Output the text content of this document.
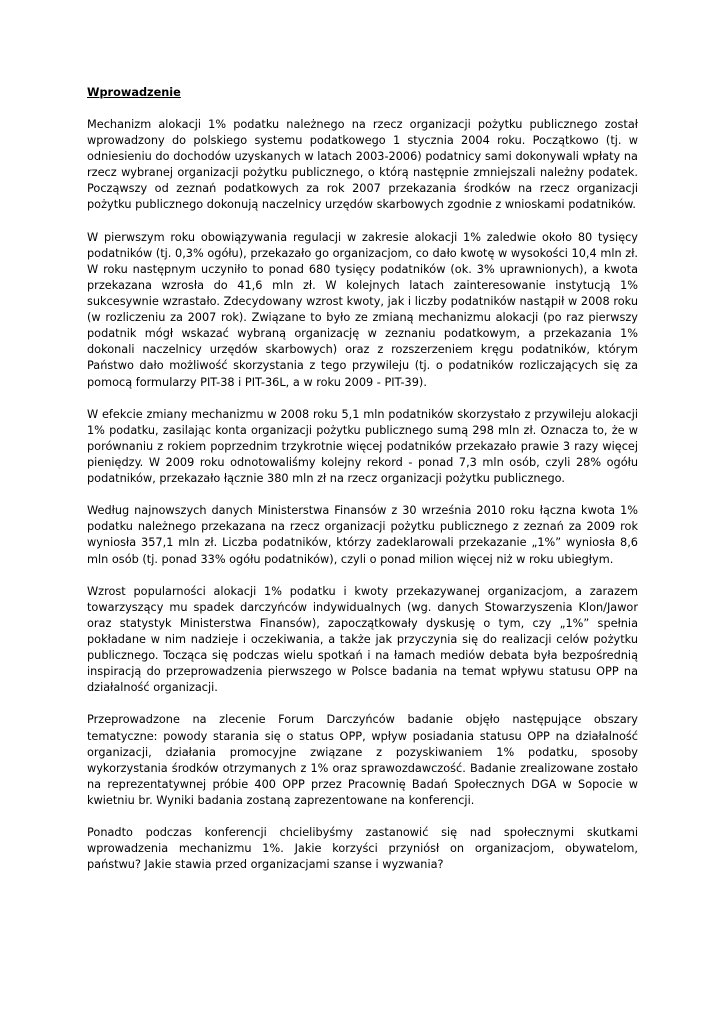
Wprowadzenie

Mechanizm alokacji 1% podatku należnego na rzecz organizacji pożytku publicznego został wprowadzony do polskiego systemu podatkowego 1 stycznia 2004 roku. Początkowo (tj. w odniesieniu do dochodów uzyskanych w latach 2003-2006) podatnicy sami dokonywali wpłaty na rzecz wybranej organizacji pożytku publicznego, o którą następnie zmniejszali należny podatek. Począwszy od zeznań podatkowych za rok 2007 przekazania środków na rzecz organizacji pożytku publicznego dokonują naczelnicy urzędów skarbowych zgodnie z wnioskami podatników.

W pierwszym roku obowiązywania regulacji w zakresie alokacji 1% zaledwie około 80 tysięcy podatników (tj. 0,3% ogółu), przekazało go organizacjom, co dało kwotę w wysokości 10,4 mln zł. W roku następnym uczyniło to ponad 680 tysięcy podatników (ok. 3% uprawnionych), a kwota przekazana wzrosła do 41,6 mln zł. W kolejnych latach zainteresowanie instytucją 1% sukcesywnie wzrastało. Zdecydowany wzrost kwoty, jak i liczby podatników nastąpił w 2008 roku (w rozliczeniu za 2007 rok). Związane to było ze zmianą mechanizmu alokacji (po raz pierwszy podatnik mógł wskazać wybraną organizację w zeznaniu podatkowym, a przekazania 1% dokonali naczelnicy urzędów skarbowych) oraz z rozszerzeniem kręgu podatników, którym Państwo dało możliwość skorzystania z tego przywileju (tj. o podatników rozliczających się za pomocą formularzy PIT-38 i PIT-36L, a w roku 2009 - PIT-39).

W efekcie zmiany mechanizmu w 2008 roku 5,1 mln podatników skorzystało z przywileju alokacji 1% podatku, zasilając konta organizacji pożytku publicznego sumą 298 mln zł. Oznacza to, że w porównaniu z rokiem poprzednim trzykrotnie więcej podatników przekazało prawie 3 razy więcej pieniędzy. W 2009 roku odnotowaliśmy kolejny rekord - ponad 7,3 mln osób, czyli 28% ogółu podatników, przekazało łącznie 380 mln zł na rzecz organizacji pożytku publicznego.

Według najnowszych danych Ministerstwa Finansów z 30 września 2010 roku łączna kwota 1% podatku należnego przekazana na rzecz organizacji pożytku publicznego z zeznań za 2009 rok wyniosła 357,1 mln zł. Liczba podatników, którzy zadeklarowali przekazanie „1%” wyniosła 8,6 mln osób (tj. ponad 33% ogółu podatników), czyli o ponad milion więcej niż w roku ubiegłym.

Wzrost popularności alokacji 1% podatku i kwoty przekazywanej organizacjom, a zarazem towarzyszący mu spadek darczyńców indywidualnych (wg. danych Stowarzyszenia Klon/Jawor oraz statystyk Ministerstwa Finansów), zapoczątkowały dyskusję o tym, czy „1%” spełnia pokładane w nim nadzieje i oczekiwania, a także jak przyczynia się do realizacji celów pożytku publicznego. Tocząca się podczas wielu spotkań i na łamach mediów debata była bezpośrednią inspiracją do przeprowadzenia pierwszego w Polsce badania na temat wpływu statusu OPP na działalność organizacji.

Przeprowadzone na zlecenie Forum Darczyńców badanie objęło następujące obszary tematyczne: powody starania się o status OPP, wpływ posiadania statusu OPP na działalność organizacji, działania promocyjne związane z pozyskiwaniem 1% podatku, sposoby wykorzystania środków otrzymanych z 1% oraz sprawozdawczość. Badanie zrealizowane zostało na reprezentatywnej próbie 400 OPP przez Pracownię Badań Społecznych DGA w Sopocie w kwietniu br. Wyniki badania zostaną zaprezentowane na konferencji.

Ponadto podczas konferencji chcielibyśmy zastanowić się nad społecznymi skutkami wprowadzenia mechanizmu 1%. Jakie korzyści przyniósł on organizacjom, obywatelom, państwu? Jakie stawia przed organizacjami szanse i wyzwania?
